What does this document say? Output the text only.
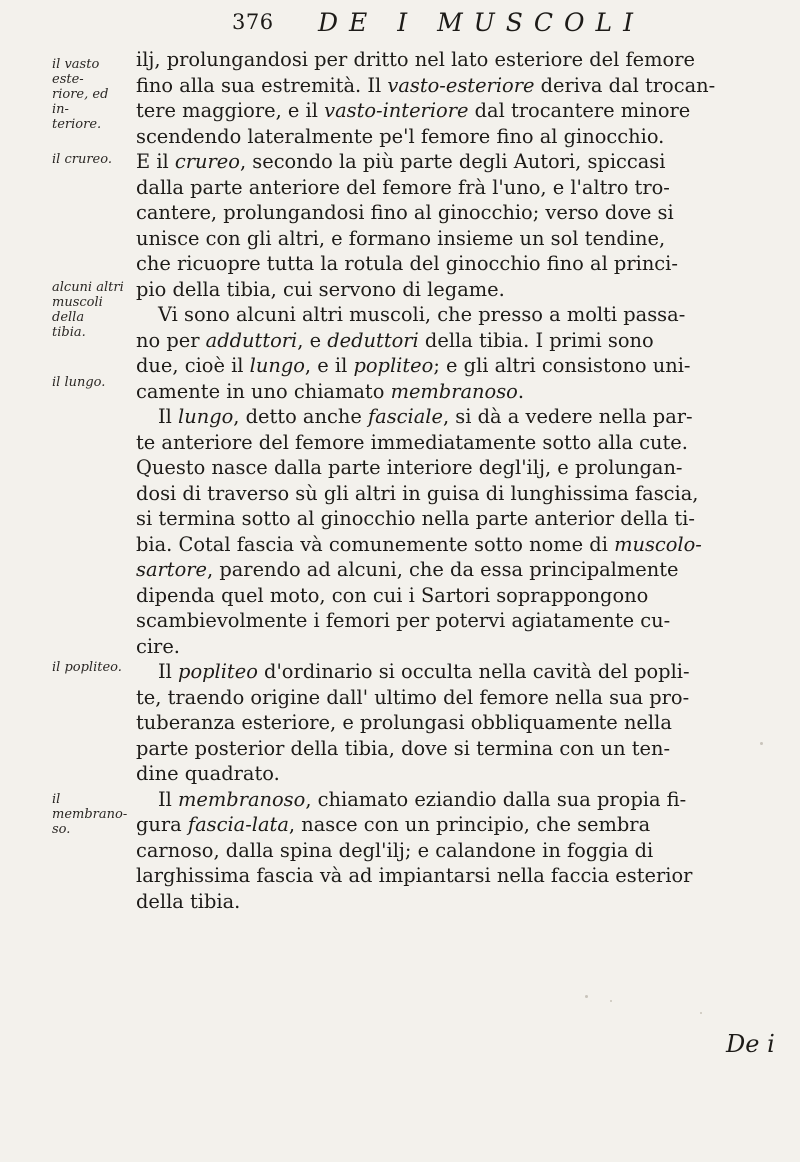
376 DE I MUSCOLI
il vasto este-
riore, ed in-
teriore.
il crureo.
alcuni altri
muscoli della
tibia.
il lungo.
il popliteo.
il membrano-
so.
ilj, prolungandosi per dritto nel lato esteriore del femore
fino alla sua estremità. Il vasto-esteriore deriva dal trocan-
tere maggiore, e il vasto-interiore dal trocantere minore
scendendo lateralmente pe'l femore fino al ginocchio.
E il crureo, secondo la più parte degli Autori, spiccasi
dalla parte anteriore del femore frà l'uno, e l'altro tro-
cantere, prolungandosi fino al ginocchio; verso dove si
unisce con gli altri, e formano insieme un sol tendine,
che ricuopre tutta la rotula del ginocchio fino al princi-
pio della tibia, cui servono di legame.
Vi sono alcuni altri muscoli, che presso a molti passa-
no per adduttori, e deduttori della tibia. I primi sono
due, cioè il lungo, e il popliteo; e gli altri consistono uni-
camente in uno chiamato membranoso.
Il lungo, detto anche fasciale, si dà a vedere nella par-
te anteriore del femore immediatamente sotto alla cute.
Questo nasce dalla parte interiore degl'ilj, e prolungan-
dosi di traverso sù gli altri in guisa di lunghissima fascia,
si termina sotto al ginocchio nella parte anterior della ti-
bia. Cotal fascia và comunemente sotto nome di muscolo-
sartore, parendo ad alcuni, che da essa principalmente
dipenda quel moto, con cui i Sartori soprappongono
scambievolmente i femori per potervi agiatamente cu-
cire.
Il popliteo d'ordinario si occulta nella cavità del popli-
te, traendo origine dall' ultimo del femore nella sua pro-
tuberanza esteriore, e prolungasi obbliquamente nella
parte posterior della tibia, dove si termina con un ten-
dine quadrato.
Il membranoso, chiamato eziandio dalla sua propia fi-
gura fascia-lata, nasce con un principio, che sembra
carnoso, dalla spina degl'ilj; e calandone in foggia di
larghissima fascia và ad impiantarsi nella faccia esterior
della tibia.
De i
